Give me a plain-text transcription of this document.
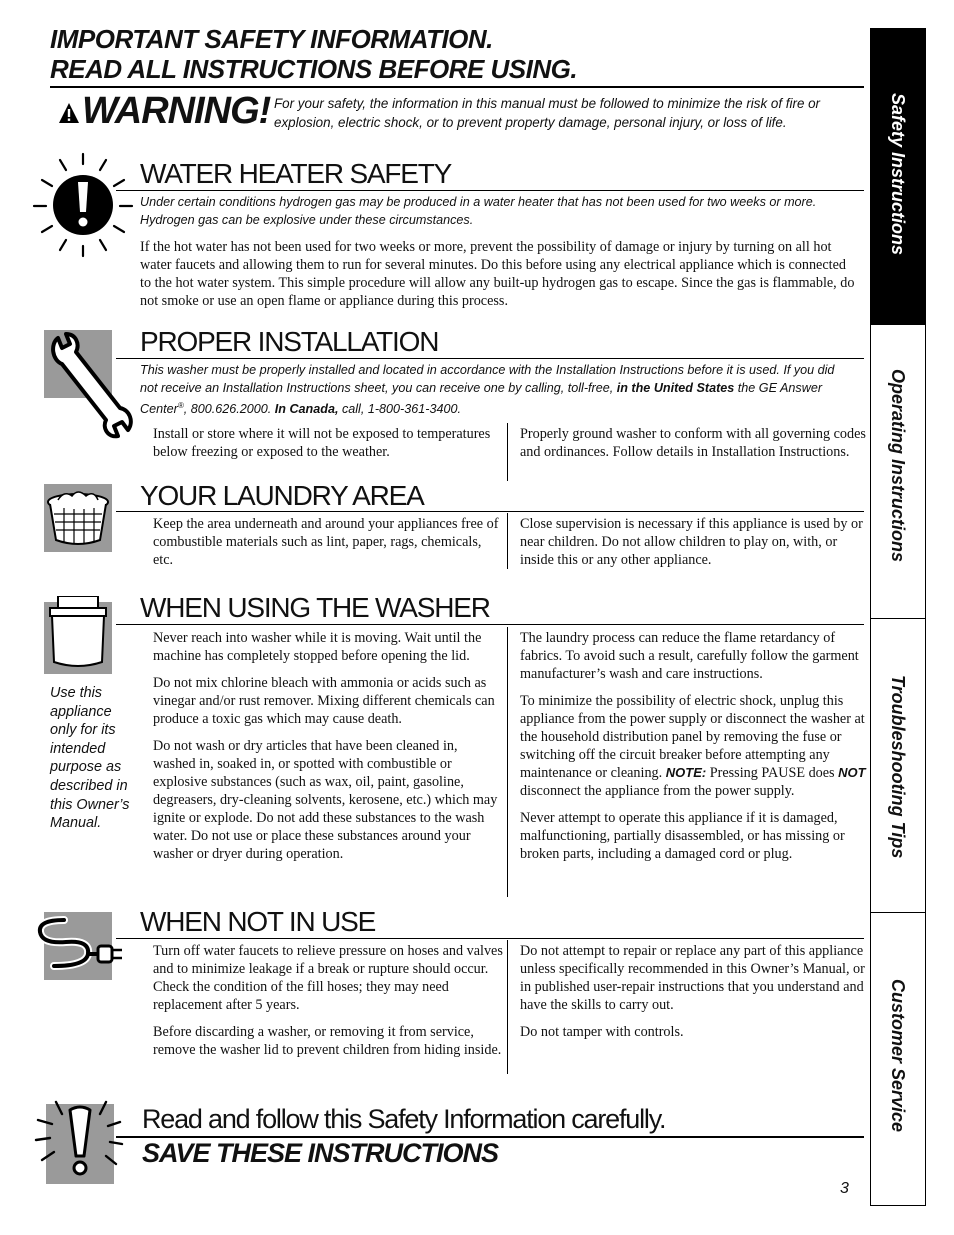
IMPORTANT SAFETY INFORMATION.
READ ALL INSTRUCTIONS BEFORE USING.
WARNING! For your safety, the information in this manual must be followed to minimize the risk of fire or explosion, electric shock, or to prevent property damage, personal injury, or loss of life.	Safety Instructions
Operating Instructions
Troubleshooting Tips
Customer Service
WATER HEATER SAFETY
Under certain conditions hydrogen gas may be produced in a water heater that has not been used for two weeks or more. Hydrogen gas can be explosive under these circumstances.
If the hot water has not been used for two weeks or more, prevent the possibility of damage or injury by turning on all hot water faucets and allowing them to run for several minutes. Do this before using any electrical appliance which is connected to the hot water system. This simple procedure will allow any built-up hydrogen gas to escape. Since the gas is flammable, do not smoke or use an open flame or appliance during this process.
PROPER INSTALLATION
This washer must be properly installed and located in accordance with the Installation Instructions before it is used. If you did not receive an Installation Instructions sheet, you can receive one by calling, toll-free, in the United States the GE Answer Center®, 800.626.2000. In Canada, call, 1-800-361-3400.
Install or store where it will not be exposed to temperatures below freezing or exposed to the weather.
Properly ground washer to conform with all governing codes and ordinances. Follow details in Installation Instructions.
YOUR LAUNDRY AREA
Keep the area underneath and around your appliances free of combustible materials such as lint, paper, rags, chemicals, etc.
Close supervision is necessary if this appliance is used by or near children. Do not allow children to play on, with, or inside this or any other appliance.
Use this appliance only for its intended purpose as described in this Owner’s Manual.
WHEN USING THE WASHER

Never reach into washer while it is moving. Wait until the machine has completely stopped before opening the lid.

Do not mix chlorine bleach with ammonia or acids such as vinegar and/or rust remover. Mixing different chemicals can produce a toxic gas which may cause death.

Do not wash or dry articles that have been cleaned in, washed in, soaked in, or spotted with combustible or explosive substances (such as wax, oil, paint, gasoline, degreasers, dry-cleaning solvents, kerosene, etc.) which may ignite or explode. Do not add these substances to the wash water. Do not use or place these substances around your washer or dryer during operation.

The laundry process can reduce the flame retardancy of fabrics. To avoid such a result, carefully follow the garment manufacturer’s wash and care instructions.

To minimize the possibility of electric shock, unplug this appliance from the power supply or disconnect the washer at the household distribution panel by removing the fuse or switching off the circuit breaker before attempting any maintenance or cleaning. NOTE: Pressing PAUSE does NOT disconnect the appliance from the power supply.

Never attempt to operate this appliance if it is damaged, malfunctioning, partially disassembled, or has missing or broken parts, including a damaged cord or plug.

WHEN NOT IN USE

Turn off water faucets to relieve pressure on hoses and valves and to minimize leakage if a break or rupture should occur. Check the condition of the fill hoses; they may need replacement after 5 years.

Before discarding a washer, or removing it from service, remove the washer lid to prevent children from hiding inside.

Do not attempt to repair or replace any part of this appliance unless specifically recommended in this Owner’s Manual, or in published user-repair instructions that you understand and have the skills to carry out.

Do not tamper with controls.

Read and follow this Safety Information carefully.
SAVE THESE INSTRUCTIONS
3
